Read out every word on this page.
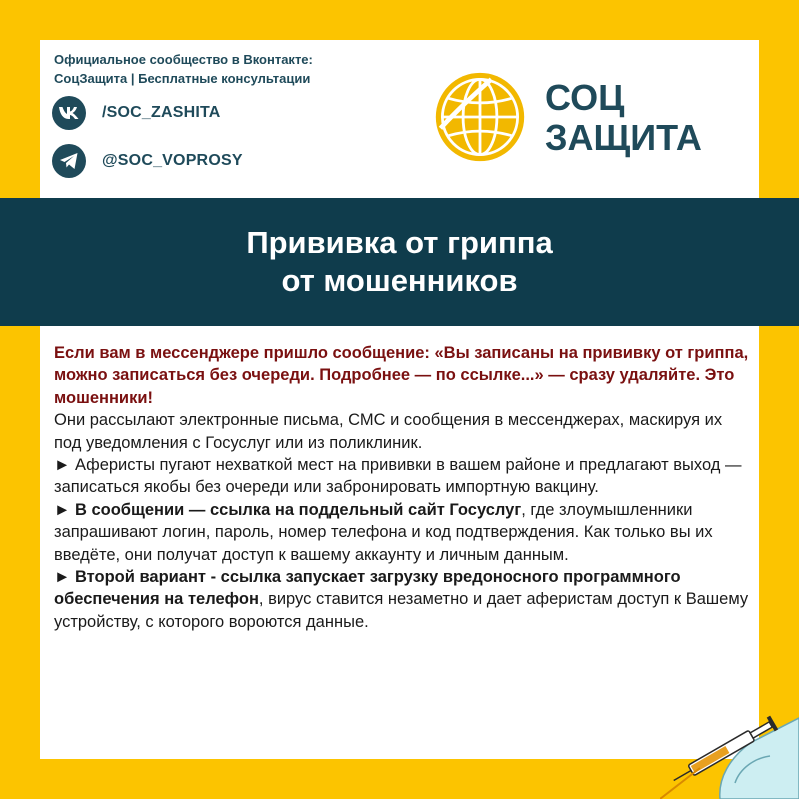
Официальное сообщество в Вконтакте:
СоцЗащита | Бесплатные консультации
/SOC_ZASHITA
@SOC_VOPROSY
СОЦ
ЗАЩИТА
Прививка от гриппа
от мошенников

Если вам в мессенджере пришло сообщение: «Вы записаны на прививку от гриппа, можно записаться без очереди. Подробнее — по ссылке...» — сразу удаляйте. Это мошенники!

Они рассылают электронные письма, СМС и сообщения в мессенджерах, маскируя их под уведомления с Госуслуг или из поликлиник.

► Аферисты пугают нехваткой мест на прививки в вашем районе и предлагают выход — записаться якобы без очереди или забронировать импортную вакцину.

► В сообщении — ссылка на поддельный сайт Госуслуг, где злоумышленники запрашивают логин, пароль, номер телефона и код подтверждения. Как только вы их введёте, они получат доступ к вашему аккаунту и личным данным.

► Второй вариант - ссылка запускает загрузку вредоносного программного обеспечения на телефон, вирус ставится незаметно и дает аферистам доступ к Вашему устройству, с которого вороются данные.
